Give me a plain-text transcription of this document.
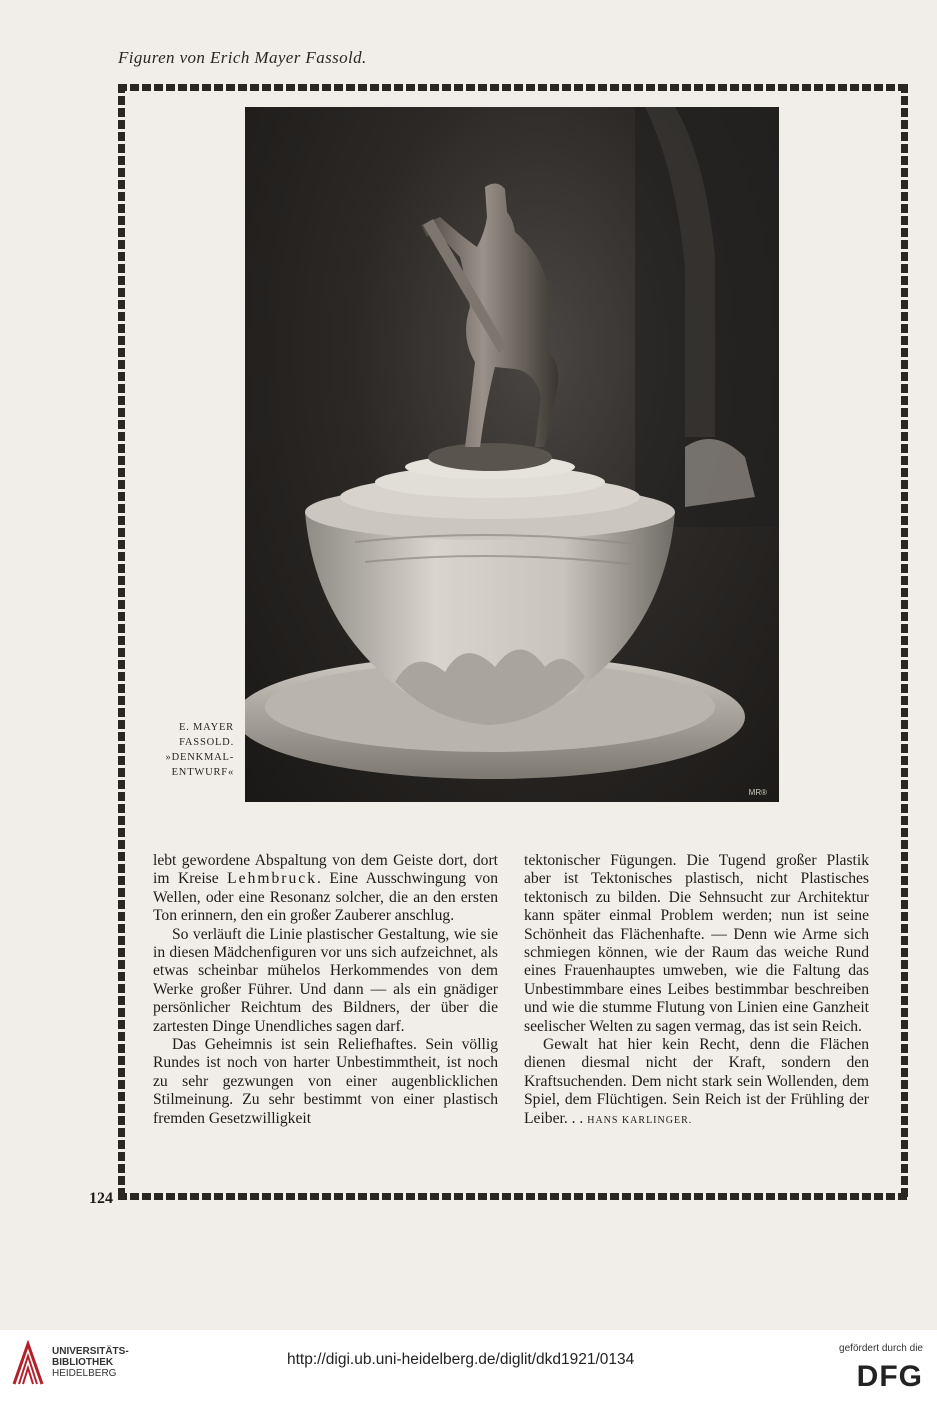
Figuren von Erich Mayer Fassold.
MR®
E. MAYER
FASSOLD.
»DENKMAL-
ENTWURF«

lebt gewordene Abspaltung von dem Geiste dort, dort im Kreise Lehmbruck. Eine Ausschwingung von Wellen, oder eine Resonanz solcher, die an den ersten Ton erinnern, den ein großer Zauberer anschlug.

So verläuft die Linie plastischer Gestaltung, wie sie in diesen Mädchenfiguren vor uns sich aufzeichnet, als etwas scheinbar mühelos Herkommendes von dem Werke großer Führer. Und dann — als ein gnädiger persönlicher Reichtum des Bildners, der über die zartesten Dinge Unendliches sagen darf.

Das Geheimnis ist sein Reliefhaftes. Sein völlig Rundes ist noch von harter Unbestimmtheit, ist noch zu sehr gezwungen von einer augenblicklichen Stilmeinung. Zu sehr bestimmt von einer plastisch fremden Gesetzwilligkeit

tektonischer Fügungen. Die Tugend großer Plastik aber ist Tektonisches plastisch, nicht Plastisches tektonisch zu bilden. Die Sehnsucht zur Architektur kann später einmal Problem werden; nun ist seine Schönheit das Flächenhafte. — Denn wie Arme sich schmiegen können, wie der Raum das weiche Rund eines Frauenhauptes umweben, wie die Faltung das Unbestimmbare eines Leibes bestimmbar beschreiben und wie die stumme Flutung von Linien eine Ganzheit seelischer Welten zu sagen vermag, das ist sein Reich.

Gewalt hat hier kein Recht, denn die Flächen dienen diesmal nicht der Kraft, sondern den Kraftsuchenden. Dem nicht stark sein Wollenden, dem Spiel, dem Flüchtigen. Sein Reich ist der Frühling der Leiber. . . HANS KARLINGER.

124
UNIVERSITÄTS-
BIBLIOTHEK
HEIDELBERG
http://digi.ub.uni-heidelberg.de/diglit/dkd1921/0134
gefördert durch die
DFG
